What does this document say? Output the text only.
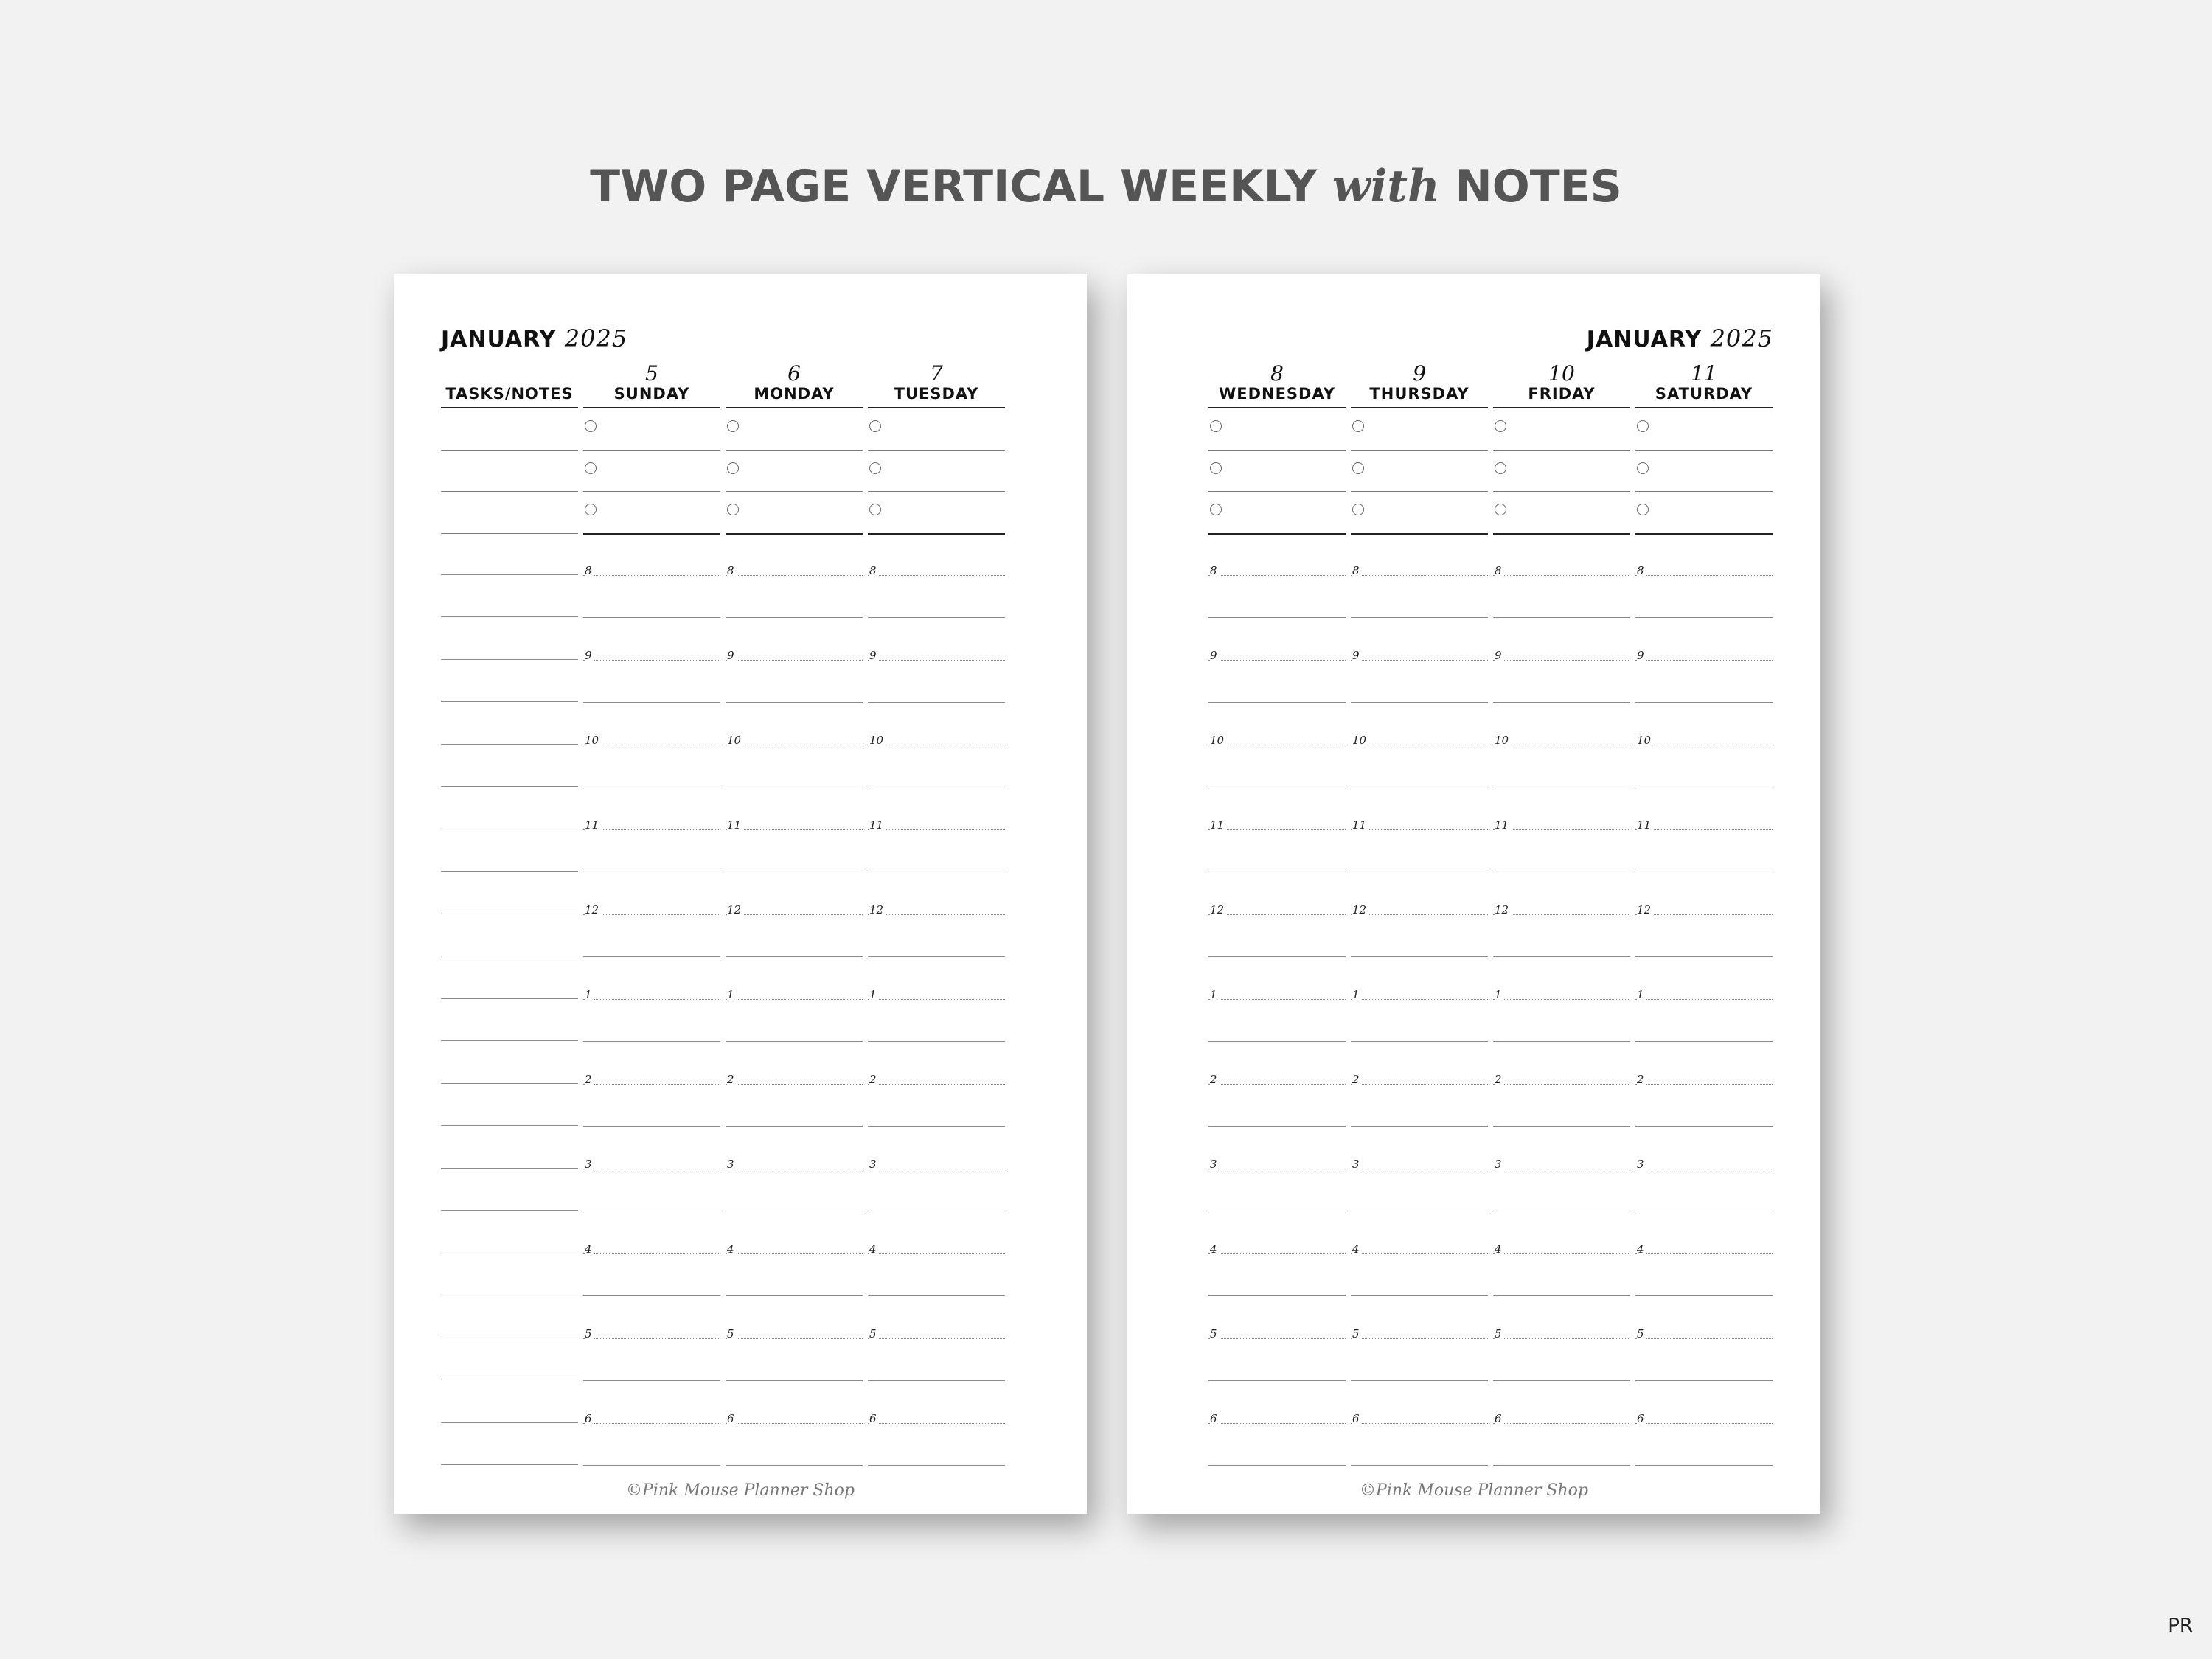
TWO PAGE VERTICAL WEEKLY with NOTES
JANUARY 2025
TASKS/NOTES
5
SUNDAY
8
9
10
11
12
1
2
3
4
5
6
6
MONDAY
8
9
10
11
12
1
2
3
4
5
6
7
TUESDAY
8
9
10
11
12
1
2
3
4
5
6
©Pink Mouse Planner Shop
JANUARY 2025
8
WEDNESDAY
8
9
10
11
12
1
2
3
4
5
6
9
THURSDAY
8
9
10
11
12
1
2
3
4
5
6
10
FRIDAY
8
9
10
11
12
1
2
3
4
5
6
11
SATURDAY
8
9
10
11
12
1
2
3
4
5
6
©Pink Mouse Planner Shop
PR
